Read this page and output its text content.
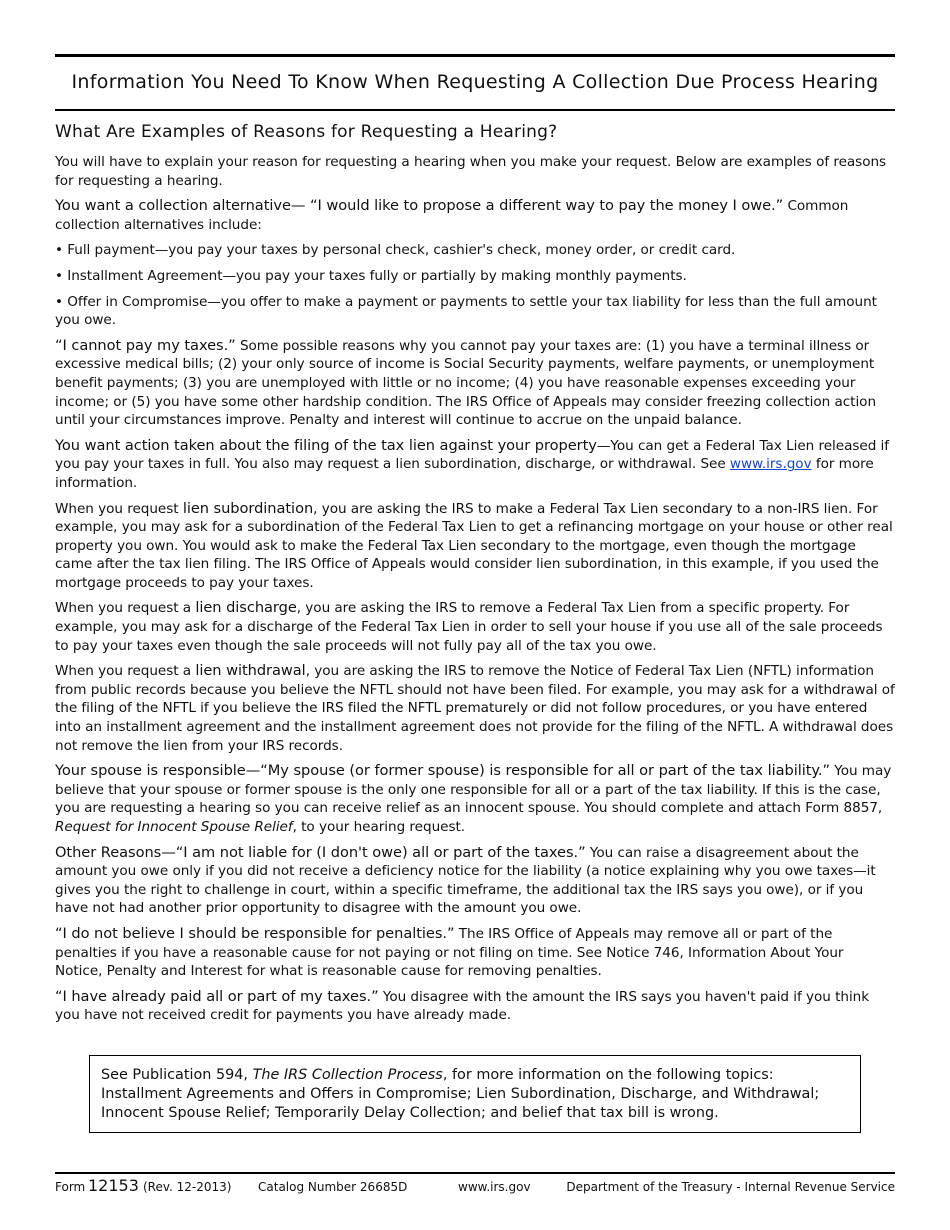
Information You Need To Know When Requesting A Collection Due Process Hearing
What Are Examples of Reasons for Requesting a Hearing?

You will have to explain your reason for requesting a hearing when you make your request. Below are examples of reasons for requesting a hearing.

You want a collection alternative— “I would like to propose a different way to pay the money I owe.” Common collection alternatives include:

• Full payment—you pay your taxes by personal check, cashier's check, money order, or credit card.

• Installment Agreement—you pay your taxes fully or partially by making monthly payments.

• Offer in Compromise—you offer to make a payment or payments to settle your tax liability for less than the full amount you owe.

“I cannot pay my taxes.” Some possible reasons why you cannot pay your taxes are: (1) you have a terminal illness or excessive medical bills; (2) your only source of income is Social Security payments, welfare payments, or unemployment benefit payments; (3) you are unemployed with little or no income; (4) you have reasonable expenses exceeding your income; or (5) you have some other hardship condition. The IRS Office of Appeals may consider freezing collection action until your circumstances improve. Penalty and interest will continue to accrue on the unpaid balance.

You want action taken about the filing of the tax lien against your property—You can get a Federal Tax Lien released if you pay your taxes in full. You also may request a lien subordination, discharge, or withdrawal. See www.irs.gov for more information.

When you request lien subordination, you are asking the IRS to make a Federal Tax Lien secondary to a non-IRS lien. For example, you may ask for a subordination of the Federal Tax Lien to get a refinancing mortgage on your house or other real property you own. You would ask to make the Federal Tax Lien secondary to the mortgage, even though the mortgage came after the tax lien filing. The IRS Office of Appeals would consider lien subordination, in this example, if you used the mortgage proceeds to pay your taxes.

When you request a lien discharge, you are asking the IRS to remove a Federal Tax Lien from a specific property. For example, you may ask for a discharge of the Federal Tax Lien in order to sell your house if you use all of the sale proceeds to pay your taxes even though the sale proceeds will not fully pay all of the tax you owe.

When you request a lien withdrawal, you are asking the IRS to remove the Notice of Federal Tax Lien (NFTL) information from public records because you believe the NFTL should not have been filed. For example, you may ask for a withdrawal of the filing of the NFTL if you believe the IRS filed the NFTL prematurely or did not follow procedures, or you have entered into an installment agreement and the installment agreement does not provide for the filing of the NFTL. A withdrawal does not remove the lien from your IRS records.

Your spouse is responsible—“My spouse (or former spouse) is responsible for all or part of the tax liability.” You may believe that your spouse or former spouse is the only one responsible for all or a part of the tax liability. If this is the case, you are requesting a hearing so you can receive relief as an innocent spouse. You should complete and attach Form 8857, Request for Innocent Spouse Relief, to your hearing request.

Other Reasons—“I am not liable for (I don't owe) all or part of the taxes.” You can raise a disagreement about the amount you owe only if you did not receive a deficiency notice for the liability (a notice explaining why you owe taxes—it gives you the right to challenge in court, within a specific timeframe, the additional tax the IRS says you owe), or if you have not had another prior opportunity to disagree with the amount you owe.

“I do not believe I should be responsible for penalties.” The IRS Office of Appeals may remove all or part of the penalties if you have a reasonable cause for not paying or not filing on time. See Notice 746, Information About Your Notice, Penalty and Interest for what is reasonable cause for removing penalties.

“I have already paid all or part of my taxes.” You disagree with the amount the IRS says you haven't paid if you think you have not received credit for payments you have already made.

See Publication 594, The IRS Collection Process, for more information on the following topics: Installment Agreements and Offers in Compromise; Lien Subordination, Discharge, and Withdrawal; Innocent Spouse Relief; Temporarily Delay Collection; and belief that tax bill is wrong.
Form 12153 (Rev. 12-2013) Catalog Number 26685D	www.irs.gov	Department of the Treasury - Internal Revenue Service
